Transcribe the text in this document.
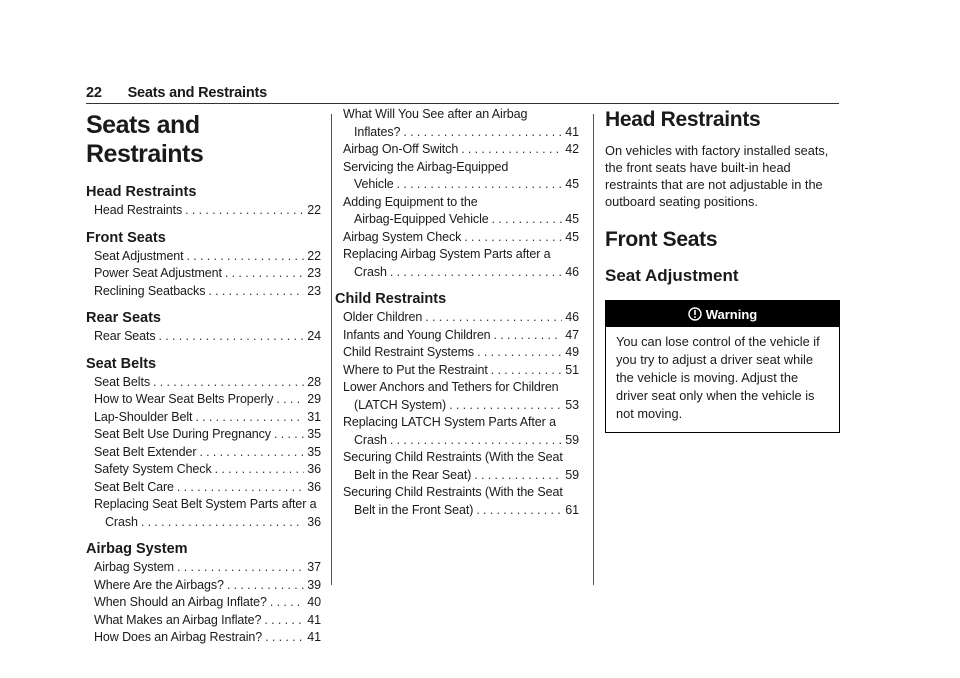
22 Seats and Restraints
Seats and Restraints
Head Restraints
Head Restraints . . .	22
Front Seats
Seat Adjustment . . .	22
Power Seat Adjustment . . .	23
Reclining Seatbacks . . .	23
Rear Seats
Rear Seats . . .	24
Seat Belts
Seat Belts . . .	28
How to Wear Seat Belts Properly . . .	29
Lap-Shoulder Belt . . .	31
Seat Belt Use During Pregnancy . . .	35
Seat Belt Extender . . .	35
Safety System Check . . .	36
Seat Belt Care . . .	36
Replacing Seat Belt System Parts after a
Crash . . .	36
Airbag System
Airbag System . . .	37
Where Are the Airbags? . . .	39
When Should an Airbag Inflate? . . .	40
What Makes an Airbag Inflate? . . .	41
How Does an Airbag Restrain? . . .	41
What Will You See after an Airbag
Inflates? . . .	41
Airbag On-Off Switch . . .	42
Servicing the Airbag-Equipped
Vehicle . . .	45
Adding Equipment to the
Airbag-Equipped Vehicle . . .	45
Airbag System Check . . .	45
Replacing Airbag System Parts after a
Crash . . .	46
Child Restraints
Older Children . . .	46
Infants and Young Children . . .	47
Child Restraint Systems . . .	49
Where to Put the Restraint . . .	51
Lower Anchors and Tethers for Children
(LATCH System) . . .	53
Replacing LATCH System Parts After a
Crash . . .	59
Securing Child Restraints (With the Seat
Belt in the Rear Seat) . . .	59
Securing Child Restraints (With the Seat
Belt in the Front Seat) . . .	61
Head Restraints
On vehicles with factory installed seats, the front seats have built-in head restraints that are not adjustable in the outboard seating positions.
Front Seats
Seat Adjustment
Warning
You can lose control of the vehicle if you try to adjust a driver seat while the vehicle is moving. Adjust the driver seat only when the vehicle is not moving.
